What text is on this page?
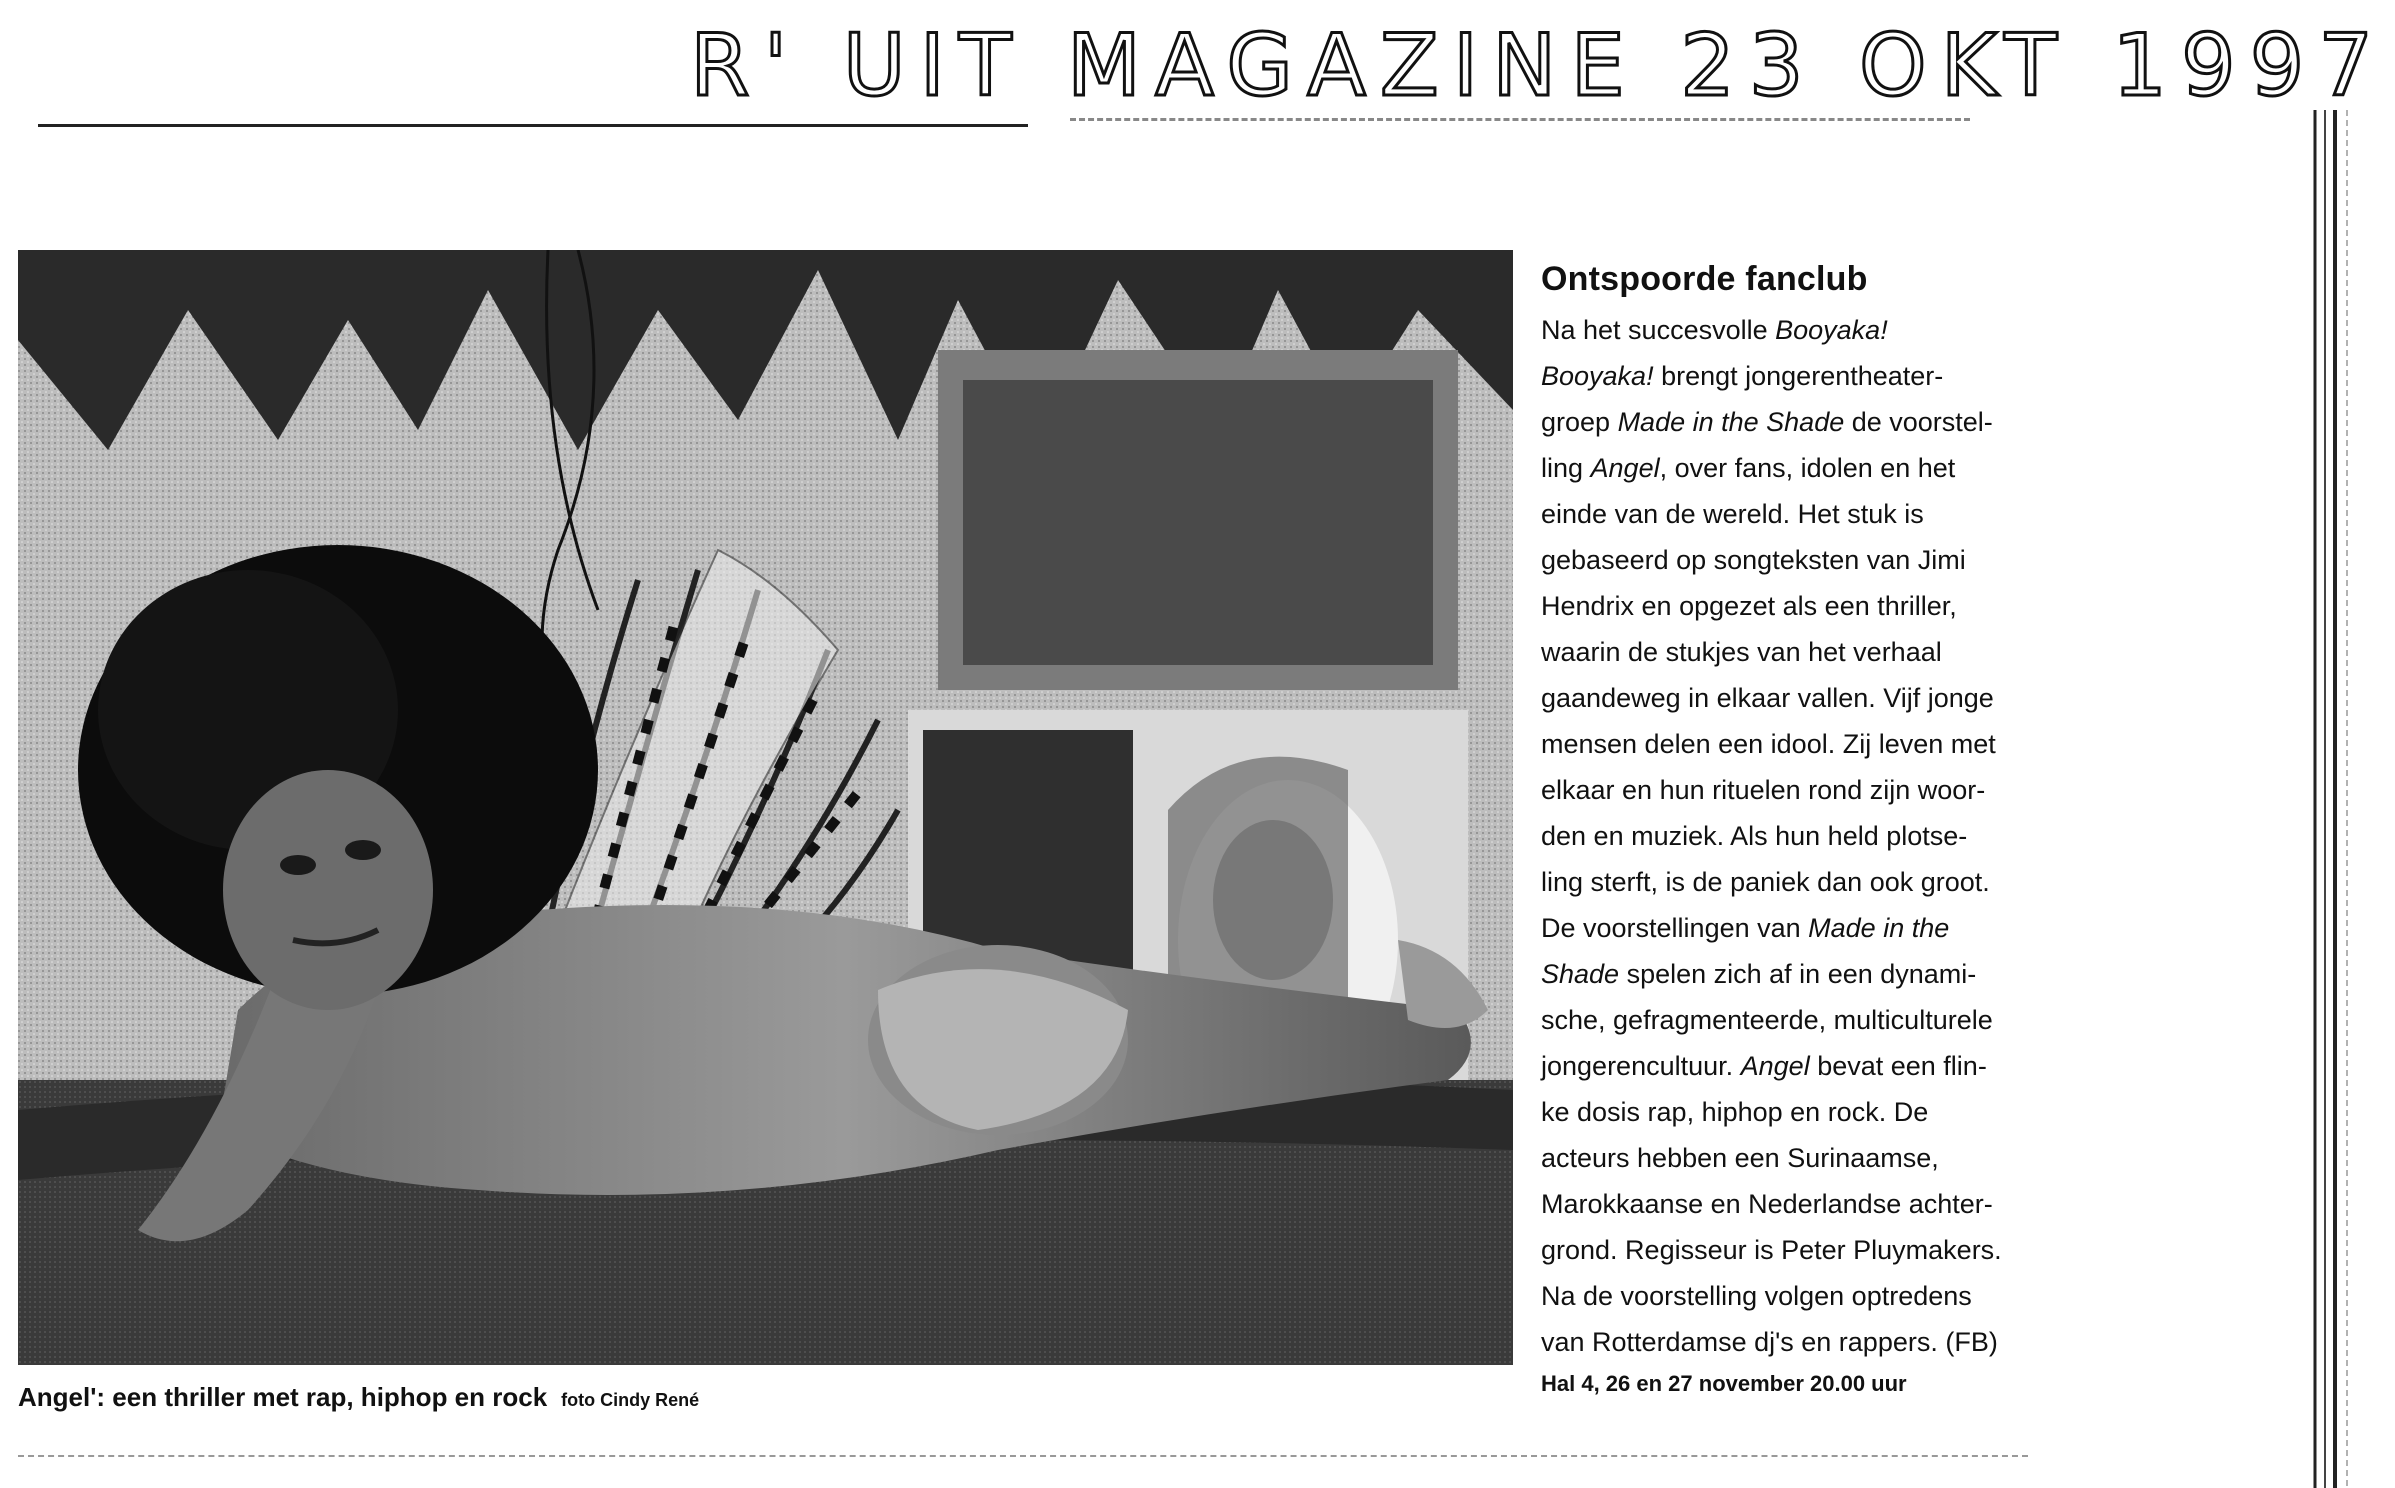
R' UIT MAGAZINE 23 OKT 1997
Angel': een thriller met rap, hiphop en rock foto Cindy René
Ontspoorde fanclub
Na het succesvolle Booyaka!
Booyaka! brengt jongerentheater-
groep Made in the Shade de voorstel-
ling Angel, over fans, idolen en het
einde van de wereld. Het stuk is
gebaseerd op songteksten van Jimi
Hendrix en opgezet als een thriller,
waarin de stukjes van het verhaal
gaandeweg in elkaar vallen. Vijf jonge
mensen delen een idool. Zij leven met
elkaar en hun rituelen rond zijn woor-
den en muziek. Als hun held plotse-
ling sterft, is de paniek dan ook groot.
De voorstellingen van Made in the
Shade spelen zich af in een dynami-
sche, gefragmenteerde, multiculturele
jongerencultuur. Angel bevat een flin-
ke dosis rap, hiphop en rock. De
acteurs hebben een Surinaamse,
Marokkaanse en Nederlandse achter-
grond. Regisseur is Peter Pluymakers.
Na de voorstelling volgen optredens
van Rotterdamse dj's en rappers. (FB)
Hal 4, 26 en 27 november 20.00 uur
